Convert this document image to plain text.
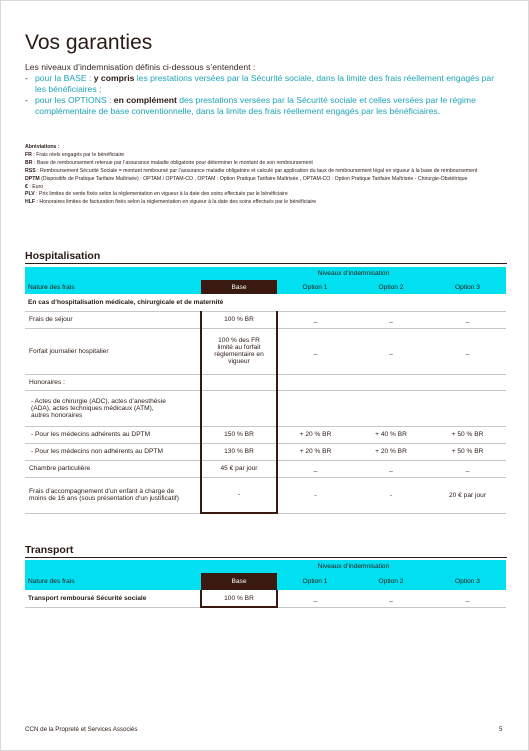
Vos garanties
Les niveaux d’indemnisation définis ci-dessous s’entendent :
- pour la BASE : y compris les prestations versées par la Sécurité sociale, dans la limite des frais réellement engagés par les bénéficiaires ;
- pour les OPTIONS : en complément des prestations versées par la Sécurité sociale et celles versées par le régime complémentaire de base conventionnelle, dans la limite des frais réellement engagés par les bénéficiaires.
Abréviations :
FR : Frais réels engagés par le bénéficiaire
BR : Base de remboursement retenue par l’assurance maladie obligatoire pour déterminer le montant de son remboursement
RSS : Remboursement Sécurité Sociale = montant remboursé par l’assurance maladie obligatoire et calculé par application du taux de remboursement légal en vigueur à la base de remboursement
DPTM (Dispositifs de Pratique Tarifaire Maîtrisée) : OPTAM / OPTAM-CO , OPTAM : Option Pratique Tarifaire Maîtrisée , OPTAM-CO : Option Pratique Tarifaire Maîtrisée - Chirurgie-Obstétrique
€ : Euro
PLV : Prix limites de vente fixés selon la réglementation en vigueur à la date des soins effectués par le bénéficiaire
HLF : Honoraires limites de facturation fixés selon la réglementation en vigueur à la date des soins effectués par le bénéficiaire
Hospitalisation
	Niveaux d’indemnisation			
Nature des frais	Base	Option 1	Option 2	Option 3
En cas d’hospitalisation médicale, chirurgicale et de maternité				
Frais de séjour	100 % BR	_	_	_
Forfait journalier hospitalier	100 % des FR limité au forfait réglementaire en vigueur	_	_	_
Honoraires :				
- Actes de chirurgie (ADC), actes d’anesthésie (ADA), actes techniques médicaux (ATM), autres honoraires				
- Pour les médecins adhérents au DPTM	150 % BR	+ 20 % BR	+ 40 % BR	+ 50 % BR
- Pour les médecins non adhérents au DPTM	130 % BR	+ 20 % BR	+ 20 % BR	+ 50 % BR
Chambre particulière	45 € par jour	_	_	_
Frais d’accompagnement d’un enfant à charge de moins de 16 ans (sous présentation d’un justificatif)	-	-	-	20 € par jour
Transport
	Niveaux d’indemnisation			
Nature des frais	Base	Option 1	Option 2	Option 3
Transport remboursé Sécurité sociale	100 % BR	_	_	_
CCN de la Propreté et Services Associés	5
